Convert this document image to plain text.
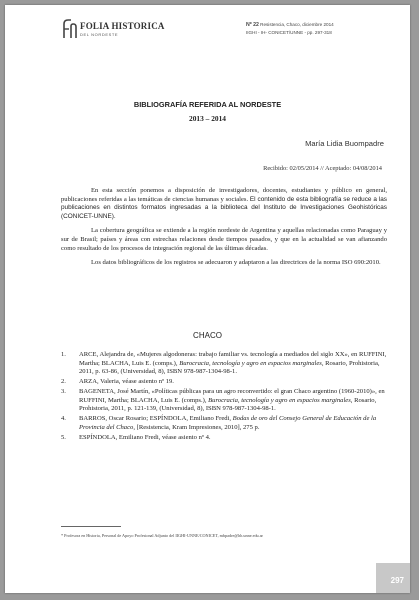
FOLIA HISTORICA
DEL NORDESTE
Nº 22 Resistencia, Chaco, diciembre 2014
IIGHI - IH- CONICET/UNNE - pp. 297-318
BIBLIOGRAFÍA REFERIDA AL NORDESTE
2013 – 2014
María Lidia Buompadre
Recibido: 02/05/2014 // Aceptado: 04/08/2014

En esta sección ponemos a disposición de investigadores, docentes, estudiantes y público en general, publicaciones referidas a las temáticas de ciencias humanas y sociales. El contenido de esta bibliografía se reduce a las publicaciones en distintos formatos ingresadas a la biblioteca del Instituto de Investigaciones Geohistóricas (CONICET-UNNE).

La cobertura geográfica se extiende a la región nordeste de Argentina y aquellas relacionadas como Paraguay y sur de Brasil; países y áreas con estrechas relaciones desde tiempos pasados, y que en la actualidad se van afianzando como resultado de los procesos de integración regional de las últimas décadas.

Los datos bibliográficos de los registros se adecuaron y adaptaron a las directrices de la norma ISO 690:2010.

CHACO
1. ARCE, Alejandra de, «Mujeres algodoneras: trabajo familiar vs. tecnología a mediados del siglo XX», en RUFFINI, Martha; BLACHA, Luis E. (comps.), Burocracia, tecnología y agro en espacios marginales, Rosario, Prohistoria, 2011, p. 63-86, (Universidad, 8), ISBN 978-987-1304-98-1.
2. ARZA, Valeria, véase asiento nº 19.
3. BAGENETA, José Martín, «Políticas públicas para un agro reconvertido: el gran Chaco argentino (1960-2010)», en RUFFINI, Martha; BLACHA, Luis E. (comps.), Burocracia, tecnología y agro en espacios marginales, Rosario, Prohistoria, 2011, p. 121-139, (Universidad, 8), ISBN 978-987-1304-98-1.
4. BARROS, Oscar Rosario; ESPÍNDOLA, Emiliano Fredi, Bodas de oro del Consejo General de Educación de la Provincia del Chaco, [Resistencia, Kram Impresiones, 2010], 275 p.
5. ESPÍNDOLA, Emiliano Fredi, véase asiento nº 4.
* Profesora en Historia, Personal de Apoyo Profesional Adjunto del IIGHI-UNNE/CONICET, mbpadre@hh.unne.edu.ar
297
